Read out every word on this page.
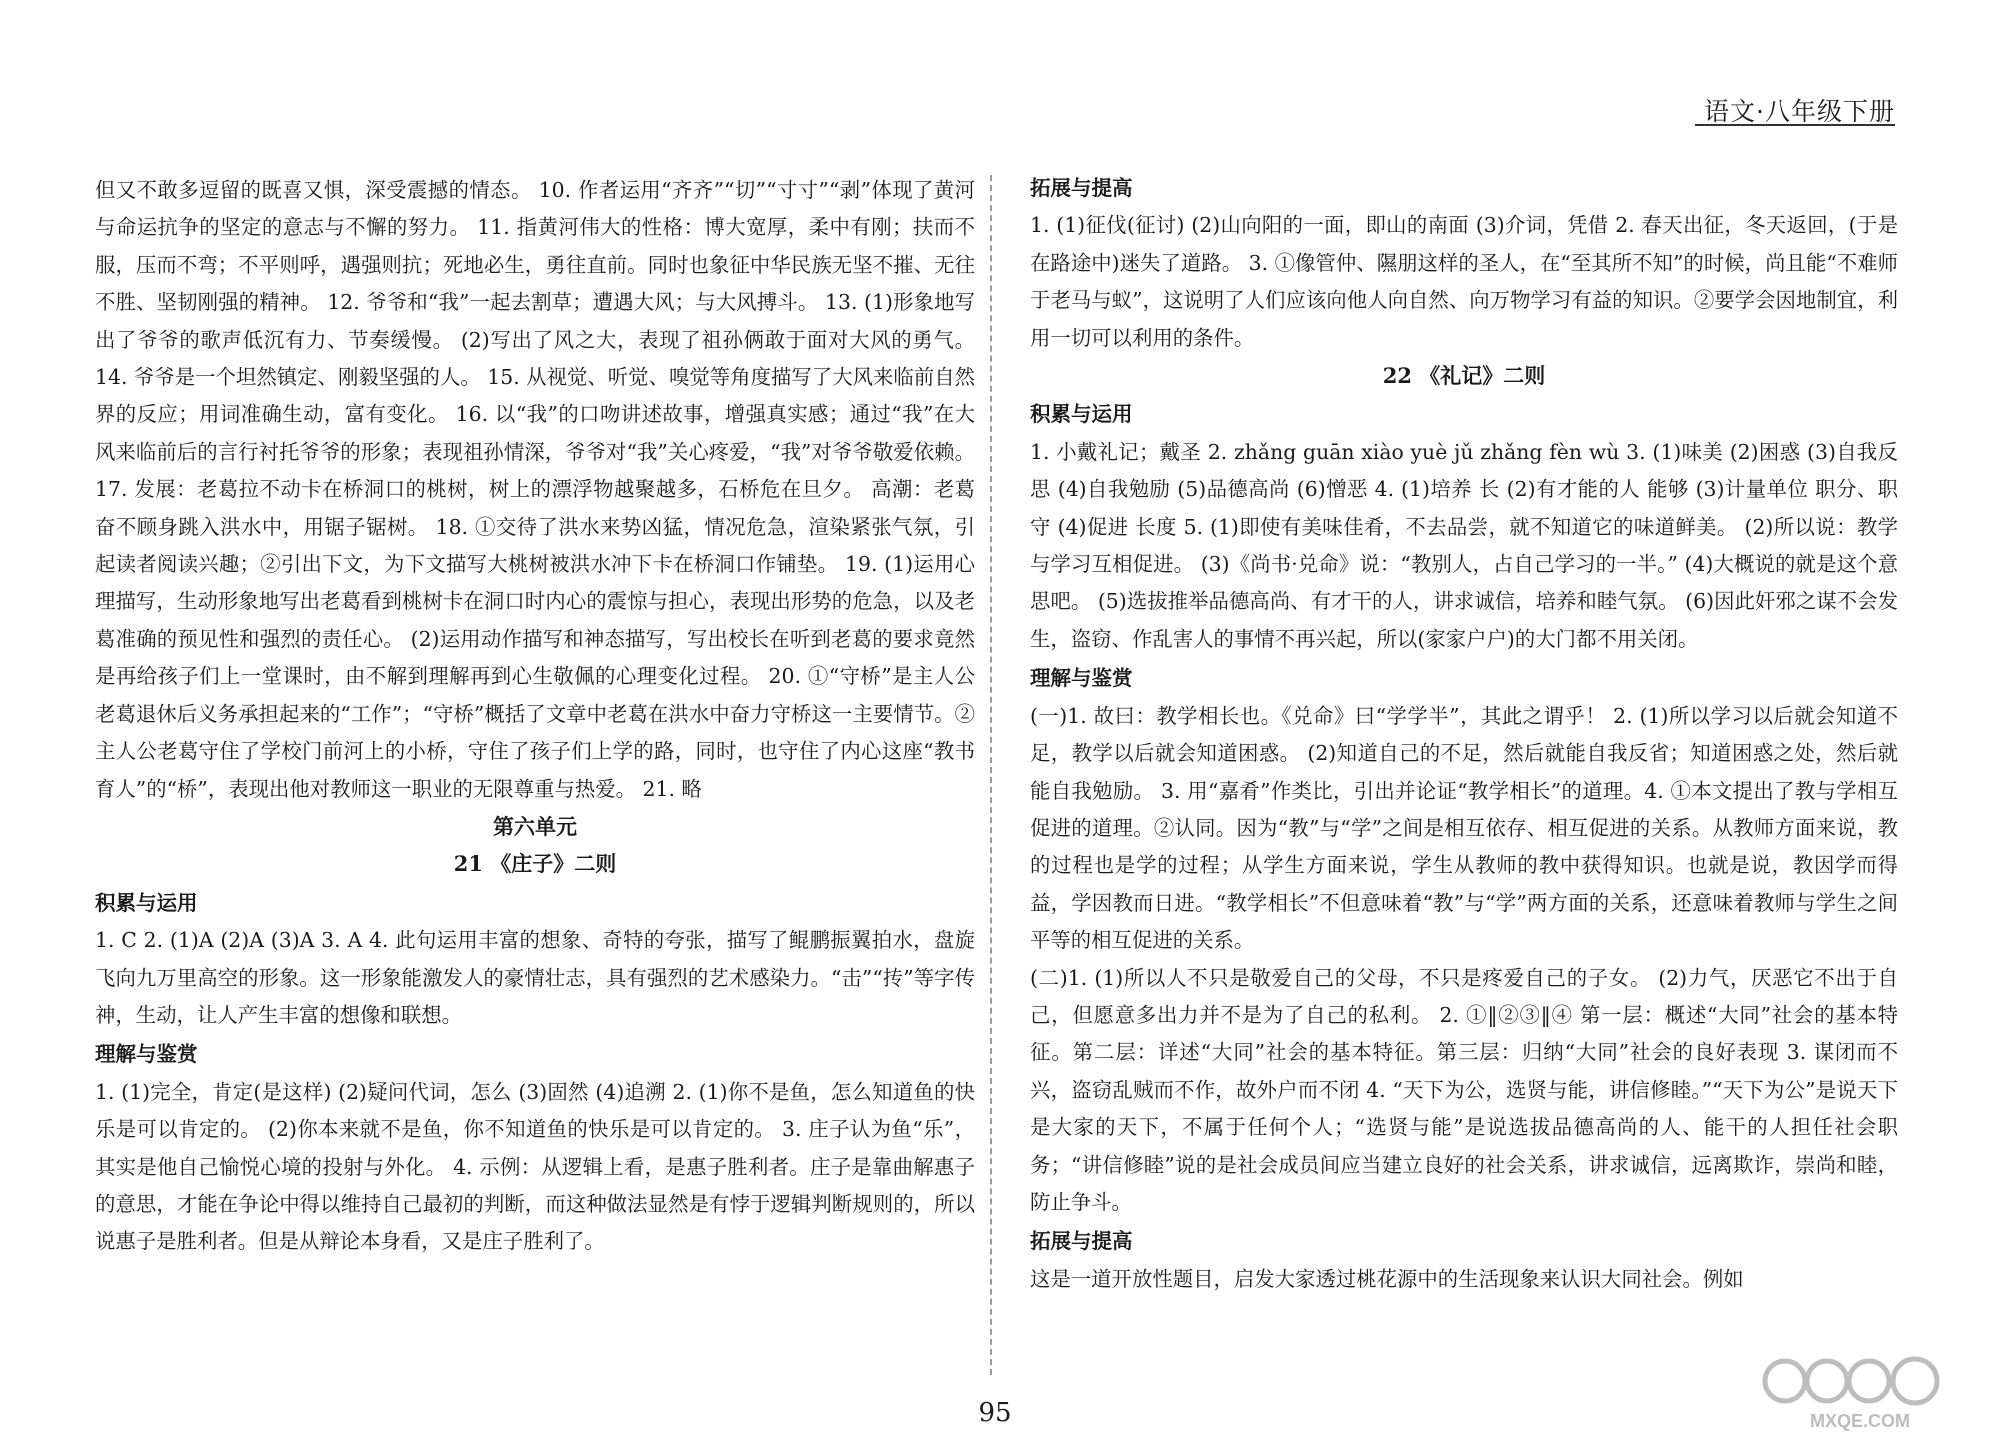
语文·八年级下册

但又不敢多逗留的既喜又惧，深受震撼的情态。 10. 作者运用“齐齐”“切”“寸寸”“剥”体现了黄河与命运抗争的坚定的意志与不懈的努力。 11. 指黄河伟大的性格：博大宽厚，柔中有刚；扶而不服，压而不弯；不平则呼，遇强则抗；死地必生，勇往直前。同时也象征中华民族无坚不摧、无往不胜、坚韧刚强的精神。 12. 爷爷和“我”一起去割草；遭遇大风；与大风搏斗。 13. (1)形象地写出了爷爷的歌声低沉有力、节奏缓慢。 (2)写出了风之大，表现了祖孙俩敢于面对大风的勇气。 14. 爷爷是一个坦然镇定、刚毅坚强的人。 15. 从视觉、听觉、嗅觉等角度描写了大风来临前自然界的反应；用词准确生动，富有变化。 16. 以“我”的口吻讲述故事，增强真实感；通过“我”在大风来临前后的言行衬托爷爷的形象；表现祖孙情深，爷爷对“我”关心疼爱，“我”对爷爷敬爱依赖。 17. 发展：老葛拉不动卡在桥洞口的桃树，树上的漂浮物越聚越多，石桥危在旦夕。 高潮：老葛奋不顾身跳入洪水中，用锯子锯树。 18. ①交待了洪水来势凶猛，情况危急，渲染紧张气氛，引起读者阅读兴趣；②引出下文，为下文描写大桃树被洪水冲下卡在桥洞口作铺垫。 19. (1)运用心理描写，生动形象地写出老葛看到桃树卡在洞口时内心的震惊与担心，表现出形势的危急，以及老葛准确的预见性和强烈的责任心。 (2)运用动作描写和神态描写，写出校长在听到老葛的要求竟然是再给孩子们上一堂课时，由不解到理解再到心生敬佩的心理变化过程。 20. ①“守桥”是主人公老葛退休后义务承担起来的“工作”；“守桥”概括了文章中老葛在洪水中奋力守桥这一主要情节。②主人公老葛守住了学校门前河上的小桥，守住了孩子们上学的路，同时，也守住了内心这座“教书育人”的“桥”，表现出他对教师这一职业的无限尊重与热爱。 21. 略

第六单元
21 《庄子》二则
积累与运用

1. C 2. (1)A (2)A (3)A 3. A 4. 此句运用丰富的想象、奇特的夸张，描写了鲲鹏振翼拍水，盘旋飞向九万里高空的形象。这一形象能激发人的豪情壮志，具有强烈的艺术感染力。“击”“抟”等字传神，生动，让人产生丰富的想像和联想。

理解与鉴赏

1. (1)完全，肯定(是这样) (2)疑问代词，怎么 (3)固然 (4)追溯 2. (1)你不是鱼，怎么知道鱼的快乐是可以肯定的。 (2)你本来就不是鱼，你不知道鱼的快乐是可以肯定的。 3. 庄子认为鱼“乐”，其实是他自己愉悦心境的投射与外化。 4. 示例：从逻辑上看，是惠子胜利者。庄子是靠曲解惠子的意思，才能在争论中得以维持自己最初的判断，而这种做法显然是有悖于逻辑判断规则的，所以说惠子是胜利者。但是从辩论本身看，又是庄子胜利了。

拓展与提高

1. (1)征伐(征讨) (2)山向阳的一面，即山的南面 (3)介词，凭借 2. 春天出征，冬天返回，(于是在路途中)迷失了道路。 3. ①像管仲、隰朋这样的圣人，在“至其所不知”的时候，尚且能“不难师于老马与蚁”，这说明了人们应该向他人向自然、向万物学习有益的知识。②要学会因地制宜，利用一切可以利用的条件。

22 《礼记》二则
积累与运用

1. 小戴礼记；戴圣 2. zhǎng guān xiào yuè jǔ zhǎng fèn wù 3. (1)味美 (2)困惑 (3)自我反思 (4)自我勉励 (5)品德高尚 (6)憎恶 4. (1)培养 长 (2)有才能的人 能够 (3)计量单位 职分、职守 (4)促进 长度 5. (1)即使有美味佳肴，不去品尝，就不知道它的味道鲜美。 (2)所以说：教学与学习互相促进。 (3)《尚书·兑命》说：“教别人，占自己学习的一半。” (4)大概说的就是这个意思吧。 (5)选拔推举品德高尚、有才干的人，讲求诚信，培养和睦气氛。 (6)因此奸邪之谋不会发生，盗窃、作乱害人的事情不再兴起，所以(家家户户)的大门都不用关闭。

理解与鉴赏

(一)1. 故曰：教学相长也。《兑命》曰“学学半”，其此之谓乎！ 2. (1)所以学习以后就会知道不足，教学以后就会知道困惑。 (2)知道自己的不足，然后就能自我反省；知道困惑之处，然后就能自我勉励。 3. 用“嘉肴”作类比，引出并论证“教学相长”的道理。4. ①本文提出了教与学相互促进的道理。②认同。因为“教”与“学”之间是相互依存、相互促进的关系。从教师方面来说，教的过程也是学的过程；从学生方面来说，学生从教师的教中获得知识。也就是说，教因学而得益，学因教而日进。“教学相长”不但意味着“教”与“学”两方面的关系，还意味着教师与学生之间平等的相互促进的关系。

(二)1. (1)所以人不只是敬爱自己的父母，不只是疼爱自己的子女。 (2)力气，厌恶它不出于自己，但愿意多出力并不是为了自己的私利。 2. ①‖②③‖④ 第一层：概述“大同”社会的基本特征。第二层：详述“大同”社会的基本特征。第三层：归纳“大同”社会的良好表现 3. 谋闭而不兴，盗窃乱贼而不作，故外户而不闭 4. “天下为公，选贤与能，讲信修睦。”“天下为公”是说天下是大家的天下，不属于任何个人；“选贤与能”是说选拔品德高尚的人、能干的人担任社会职务；“讲信修睦”说的是社会成员间应当建立良好的社会关系，讲求诚信，远离欺诈，崇尚和睦，防止争斗。

拓展与提高

这是一道开放性题目，启发大家透过桃花源中的生活现象来认识大同社会。例如

95	MXQE.COM
